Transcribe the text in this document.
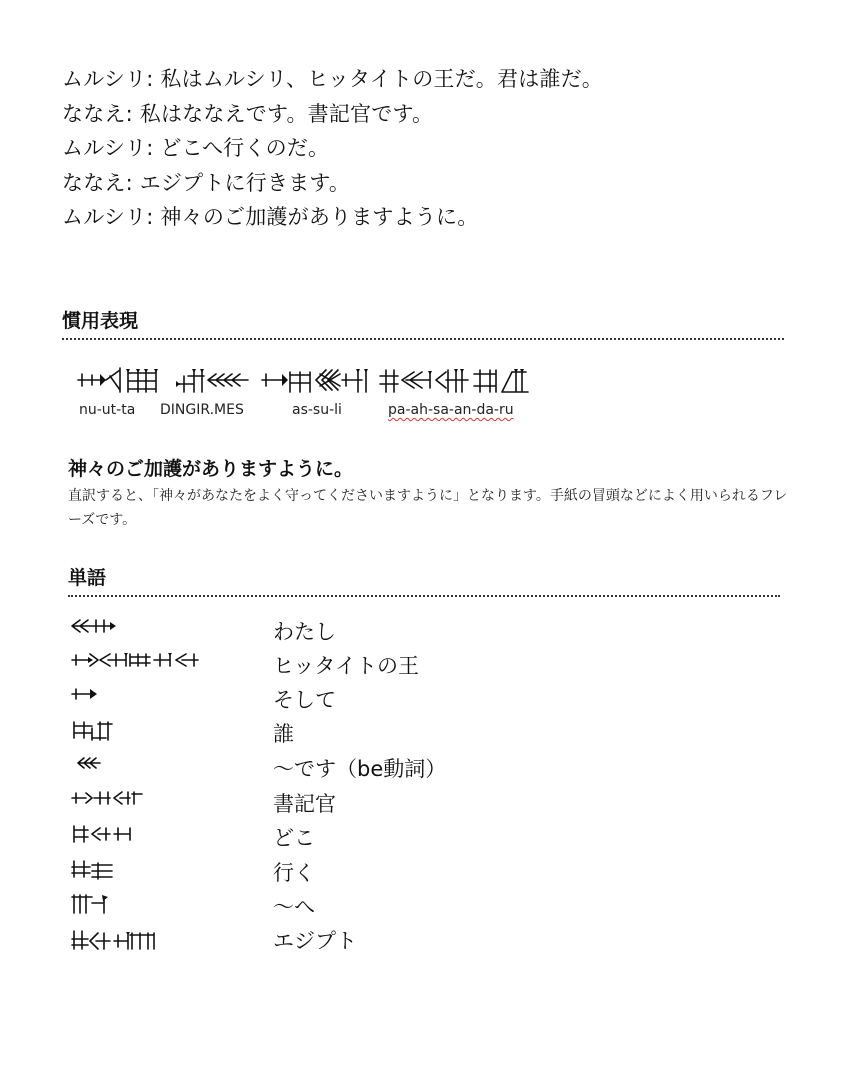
ムルシリ: 私はムルシリ、ヒッタイトの王だ。君は誰だ。
ななえ: 私はななえです。書記官です。
ムルシリ: どこへ行くのだ。
ななえ: エジプトに行きます。
ムルシリ: 神々のご加護がありますように。
慣用表現
nu-ut-ta DINGIR.MES	as-su-li	pa-ah-sa-an-da-ru
神々のご加護がありますように。
直訳すると、「神々があなたをよく守ってくださいますように」となります。手紙の冒頭などによく用いられるフレーズです。
単語
わたし
ヒッタイトの王
そして
誰
〜です（be動詞）
書記官
どこ
行く
〜へ
エジプト
